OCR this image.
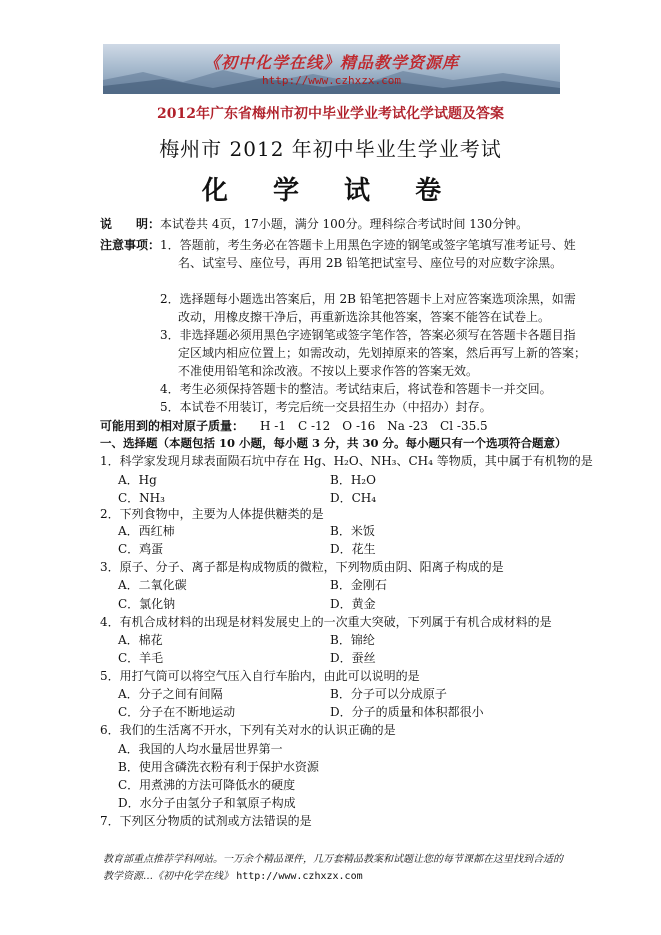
《初中化学在线》精品教学资源库
http://www.czhxzx.com
2012年广东省梅州市初中毕业学业考试化学试题及答案
梅州市 2012 年初中毕业生学业考试
化 学 试 卷
说　　明： 本试卷共 4页，17小题，满分 100分。理科综合考试时间 130分钟。
注意事项： 1．答题前，考生务必在答题卡上用黑色字迹的钢笔或签字笔填写准考证号、姓
名、试室号、座位号，再用 2B 铅笔把试室号、座位号的对应数字涂黑。
2．选择题每小题选出答案后，用 2B 铅笔把答题卡上对应答案选项涂黑，如需
改动，用橡皮擦干净后，再重新选涂其他答案，答案不能答在试卷上。
3．非选择题必须用黑色字迹钢笔或签字笔作答，答案必须写在答题卡各题目指
定区域内相应位置上；如需改动，先划掉原来的答案，然后再写上新的答案；
不准使用铅笔和涂改液。不按以上要求作答的答案无效。
4．考生必须保持答题卡的整洁。考试结束后，将试卷和答题卡一并交回。
5．本试卷不用装订，考完后统一交县招生办（中招办）封存。
可能用到的相对原子质量： H -1　C -12　O -16　Na -23　Cl -35.5
一、选择题（本题包括 10 小题，每小题 3 分，共 30 分。每小题只有一个选项符合题意）
1．科学家发现月球表面陨石坑中存在 Hg、H₂O、NH₃、CH₄ 等物质，其中属于有机物的是
A．Hg	B．H₂O
C．NH₃	D．CH₄
2．下列食物中，主要为人体提供糖类的是
A．西红柿	B．米饭
C．鸡蛋	D．花生
3．原子、分子、离子都是构成物质的微粒，下列物质由阴、阳离子构成的是
A．二氧化碳	B．金刚石
C．氯化钠	D．黄金
4．有机合成材料的出现是材料发展史上的一次重大突破，下列属于有机合成材料的是
A．棉花	B．锦纶
C．羊毛	D．蚕丝
5．用打气筒可以将空气压入自行车胎内，由此可以说明的是
A．分子之间有间隔	B．分子可以分成原子
C．分子在不断地运动	D．分子的质量和体积都很小
6．我们的生活离不开水，下列有关对水的认识正确的是
A．我国的人均水量居世界第一
B．使用含磷洗衣粉有利于保护水资源
C．用煮沸的方法可降低水的硬度
D．水分子由氢分子和氧原子构成
7．下列区分物质的试剂或方法错误的是
教育部重点推荐学科网站。一万余个精品课件，几万套精品教案和试题让您的每节课都在这里找到合适的
教学资源…《初中化学在线》 http://www.czhxzx.com
